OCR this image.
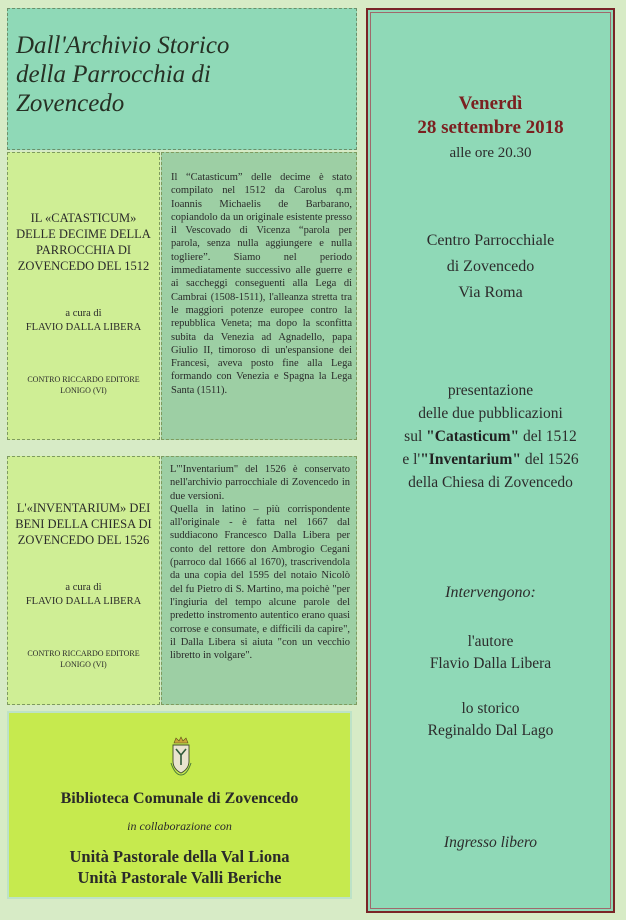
Dall'Archivio Storico
della Parrocchia di
Zovencedo
IL «CATASTICUM»
DELLE DECIME DELLA
PARROCCHIA DI
ZOVENCEDO DEL 1512
a cura di
FLAVIO DALLA LIBERA
CONTRO RICCARDO EDITORE
LONIGO (VI)
Il “Catasticum” delle decime è stato compilato nel 1512 da Carolus q.m Ioannis Michaelis de Barbarano, copiandolo da un originale esistente presso il Vescovado di Vicenza “parola per parola, senza nulla aggiungere e nulla togliere”. Siamo nel periodo immediatamente successivo alle guerre e ai saccheggi conseguenti alla Lega di Cambrai (1508-1511), l'alleanza stretta tra le maggiori potenze europee contro la repubblica Veneta; ma dopo la sconfitta subita da Venezia ad Agnadello, papa Giulio II, timoroso di un'espansione dei Francesi, aveva posto fine alla Lega formando con Venezia e Spagna la Lega Santa (1511).
L'«INVENTARIUM» DEI
BENI DELLA CHIESA DI
ZOVENCEDO DEL 1526
a cura di
FLAVIO DALLA LIBERA
CONTRO RICCARDO EDITORE
LONIGO (VI)
L'"Inventarium" del 1526 è conservato nell'archivio parrocchiale di Zovencedo in due versioni.
Quella in latino – più corrispondente all'originale - è fatta nel 1667 dal suddiacono Francesco Dalla Libera per conto del rettore don Ambrogio Cegani (parroco dal 1666 al 1670), trascrivendola da una copia del 1595 del notaio Nicolò del fu Pietro di S. Martino, ma poichè "per l'ingiuria del tempo alcune parole del predetto instromento autentico erano quasi corrose e consumate, e difficili da capire", il Dalla Libera si aiuta "con un vecchio libretto in volgare".
Biblioteca Comunale di Zovencedo
in collaborazione con
Unità Pastorale della Val Liona
Unità Pastorale Valli Beriche
Venerdì
28 settembre 2018
alle ore 20.30
Centro Parrocchiale
di Zovencedo
Via Roma
presentazione
delle due pubblicazioni
sul "Catasticum" del 1512
e l'"Inventarium" del 1526
della Chiesa di Zovencedo
Intervengono:
l'autore
Flavio Dalla Libera
lo storico
Reginaldo Dal Lago
Ingresso libero
